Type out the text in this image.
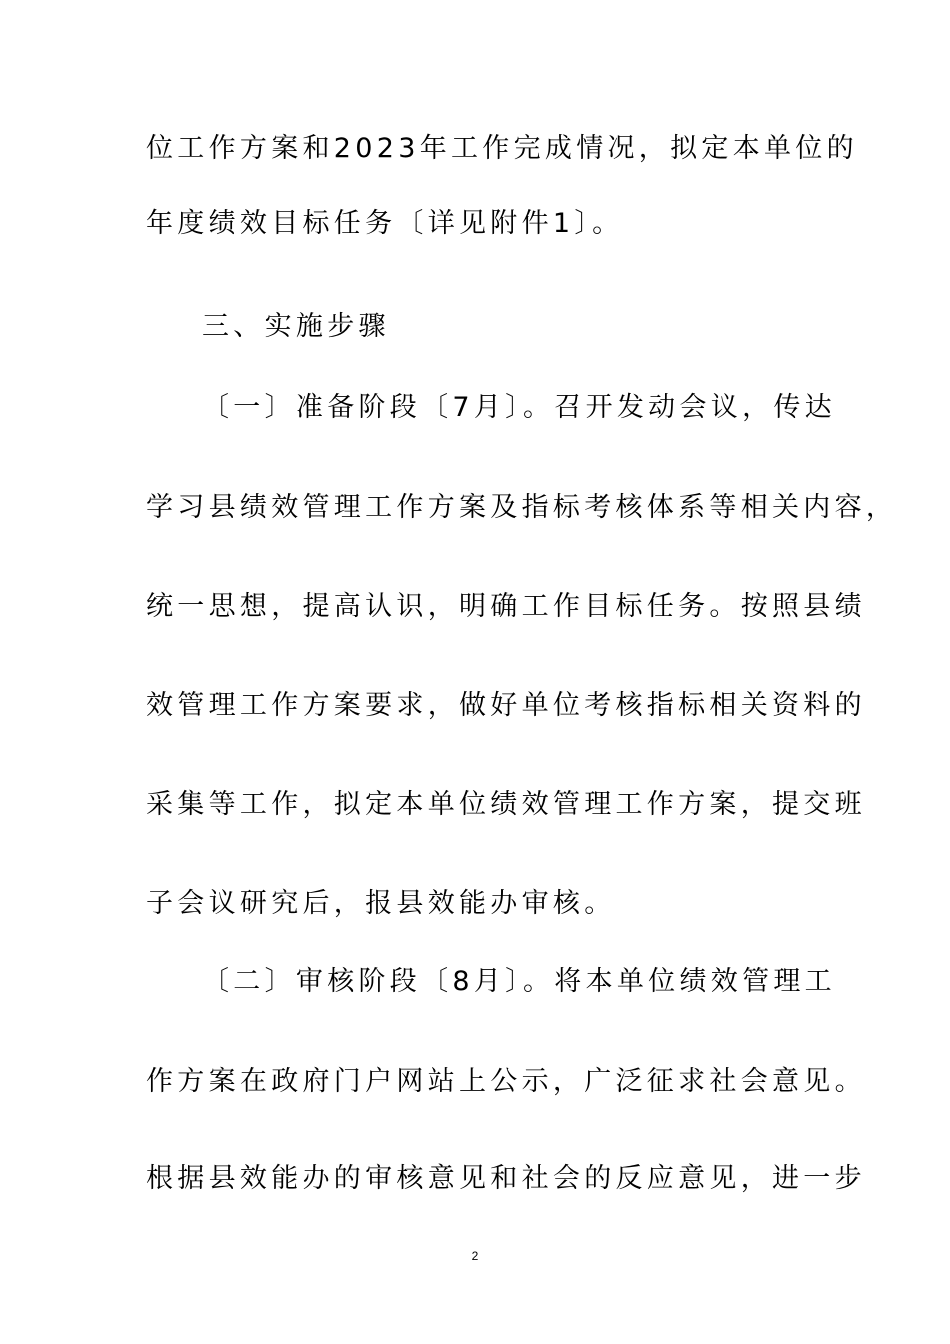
位工作方案和2023年工作完成情况，拟定本单位的

年度绩效目标任务〔详见附件1〕。

三、实施步骤

〔一〕准备阶段〔7月〕。召开发动会议，传达

学习县绩效管理工作方案及指标考核体系等相关内容，

统一思想，提高认识，明确工作目标任务。按照县绩

效管理工作方案要求，做好单位考核指标相关资料的

采集等工作，拟定本单位绩效管理工作方案，提交班

子会议研究后，报县效能办审核。

〔二〕审核阶段〔8月〕。将本单位绩效管理工

作方案在政府门户网站上公示，广泛征求社会意见。

根据县效能办的审核意见和社会的反应意见，进一步

2
